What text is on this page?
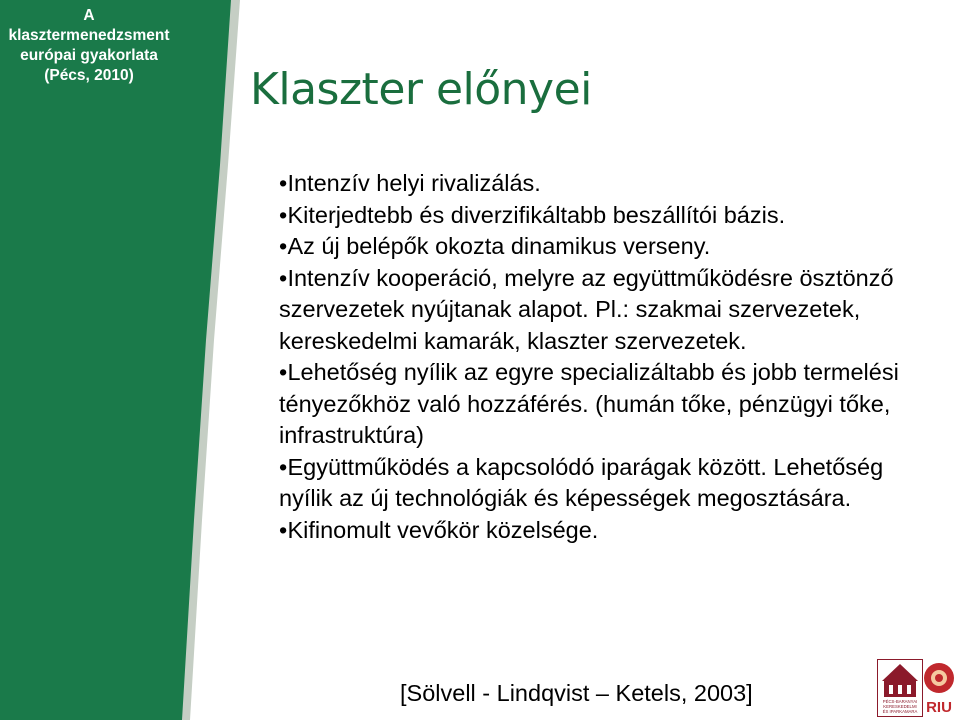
A
klasztermenedzsment
európai gyakorlata
(Pécs, 2010)	Klaszter előnyei
•Intenzív helyi rivalizálás.
•Kiterjedtebb és diverzifikáltabb beszállítói bázis.
•Az új belépők okozta dinamikus verseny.
•Intenzív kooperáció, melyre az együttműködésre ösztönző szervezetek nyújtanak alapot. Pl.: szakmai szervezetek, kereskedelmi kamarák, klaszter szervezetek.
•Lehetőség nyílik az egyre specializáltabb és jobb termelési tényezőkhöz való hozzáférés. (humán tőke, pénzügyi tőke, infrastruktúra)
•Együttműködés a kapcsolódó iparágak között. Lehetőség nyílik az új technológiák és képességek megosztására.
•Kifinomult vevőkör közelsége.

[Sölvell - Lindqvist – Ketels, 2003]	PÉCS-BARANYAI
KERESKEDELMI
ÉS IPARKAMARA RIU
